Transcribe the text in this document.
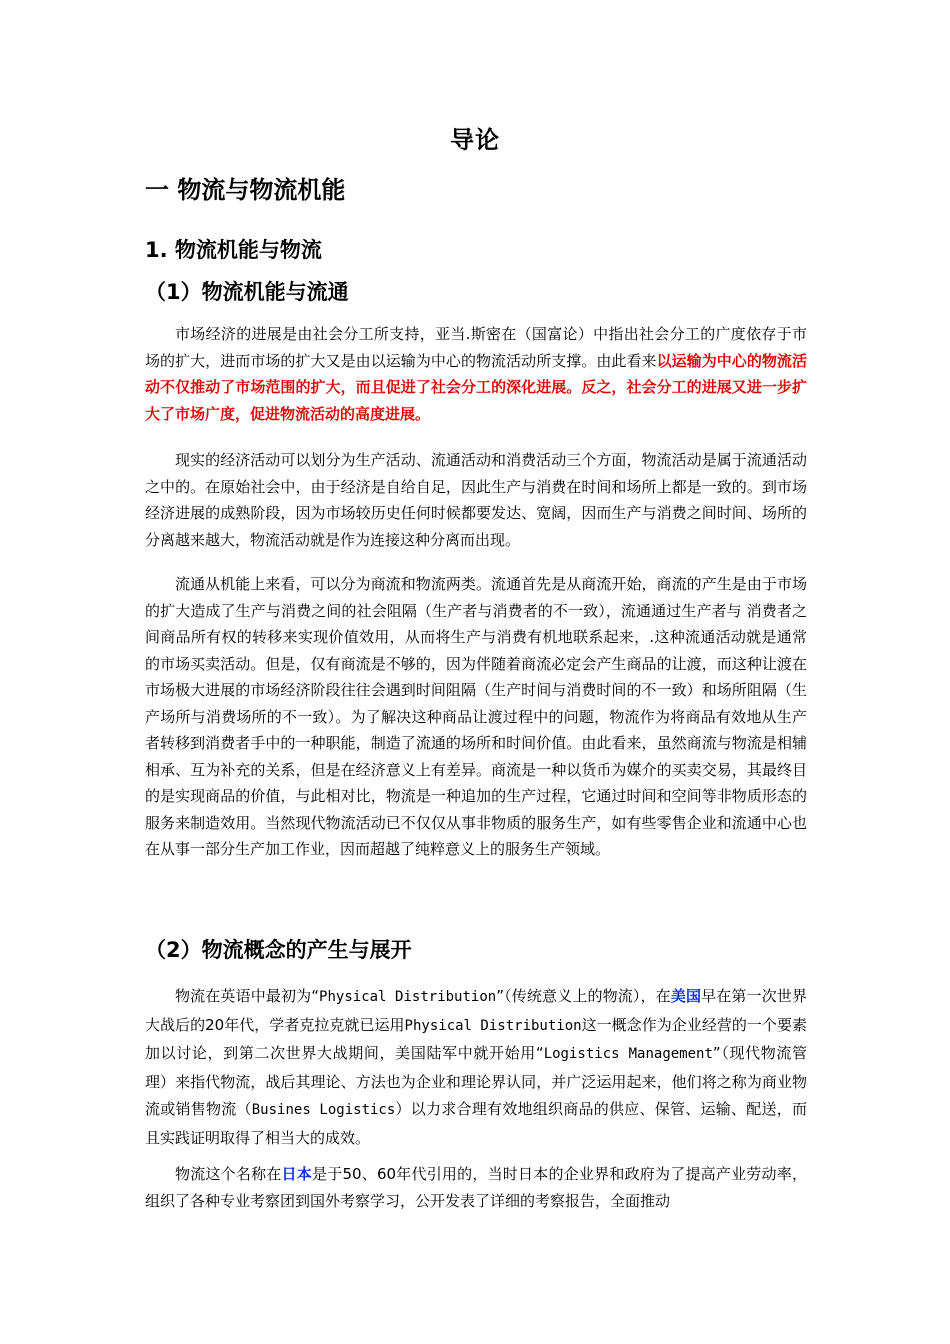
导论
一 物流与物流机能
1. 物流机能与物流
（1）物流机能与流通

市场经济的进展是由社会分工所支持，亚当.斯密在（国富论）中指出社会分工的广度依存于市场的扩大，进而市场的扩大又是由以运输为中心的物流活动所支撑。由此看来以运输为中心的物流活动不仅推动了市场范围的扩大，而且促进了社会分工的深化进展。反之，社会分工的进展又进一步扩大了市场广度，促进物流活动的高度进展。

现实的经济活动可以划分为生产活动、流通活动和消费活动三个方面，物流活动是属于流通活动之中的。在原始社会中，由于经济是自给自足，因此生产与消费在时间和场所上都是一致的。到市场经济进展的成熟阶段，因为市场较历史任何时候都要发达、宽阔，因而生产与消费之间时间、场所的分离越来越大，物流活动就是作为连接这种分离而出现。

流通从机能上来看，可以分为商流和物流两类。流通首先是从商流开始，商流的产生是由于市场的扩大造成了生产与消费之间的社会阻隔（生产者与消费者的不一致），流通通过生产者与 消费者之间商品所有权的转移来实现价值效用，从而将生产与消费有机地联系起来，.这种流通活动就是通常的市场买卖活动。但是，仅有商流是不够的，因为伴随着商流必定会产生商品的让渡，而这种让渡在市场极大进展的市场经济阶段往往会遇到时间阻隔（生产时间与消费时间的不一致）和场所阻隔（生产场所与消费场所的不一致）。为了解决这种商品让渡过程中的问题，物流作为将商品有效地从生产者转移到消费者手中的一种职能，制造了流通的场所和时间价值。由此看来，虽然商流与物流是相辅相承、互为补充的关系，但是在经济意义上有差异。商流是一种以货币为媒介的买卖交易，其最终目的是实现商品的价值，与此相对比，物流是一种追加的生产过程，它通过时间和空间等非物质形态的服务来制造效用。当然现代物流活动已不仅仅从事非物质的服务生产，如有些零售企业和流通中心也在从事一部分生产加工作业，因而超越了纯粹意义上的服务生产领域。

（2）物流概念的产生与展开

物流在英语中最初为“Physical Distribution”（传统意义上的物流），在美国早在第一次世界大战后的20年代，学者克拉克就已运用Physical Distribution这一概念作为企业经营的一个要素加以讨论，到第二次世界大战期间，美国陆军中就开始用“Logistics Management”（现代物流管理）来指代物流，战后其理论、方法也为企业和理论界认同，并广泛运用起来，他们将之称为商业物流或销售物流（Busines Logistics）以力求合理有效地组织商品的供应、保管、运输、配送，而且实践证明取得了相当大的成效。

物流这个名称在日本是于50、60年代引用的，当时日本的企业界和政府为了提高产业劳动率，组织了各种专业考察团到国外考察学习，公开发表了详细的考察报告，全面推动
